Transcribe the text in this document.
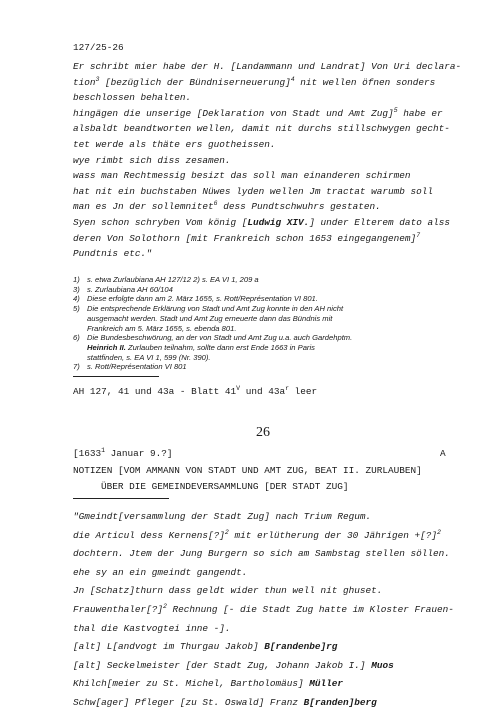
127/25-26
Er schribt mier habe der H. [Landammann und Landrat] Von Uri declara-
tion$^3$ [bezüglich der Bündniserneuerung]$^4$ nit wellen öfnen sonders
beschlossen behalten.
hingägen die unserige [Deklaration von Stadt und Amt Zug]$^5$ habe er
alsbaldt beandtworten wellen, damit nit durchs stillschwygen gecht-
tet werde als thäte ers guotheissen.
wye rimbt sich diss zesamen.
wass man Rechtmessig besizt das soll man einanderen schirmen
hat nit ein buchstaben Nüwes lyden wellen Jm tractat warumb soll
man es Jn der sollemnitet$^6$ dess Pundtschwuhrs gestaten.
Syen schon schryben Vom könig [Ludwig XIV.] under Elterem dato alss
deren Von Solothorn [mit Frankreich schon 1653 eingegangenem]$^7$
Pundtnis etc."
1) s. etwa Zurlaubiana AH 127/12 2) s. EA VI 1, 209 a
3) s. Zurlaubiana AH 60/104
4) Diese erfolgte dann am 2. März 1655, s. Rott/Représentation VI 801.
5) Die entsprechende Erklärung von Stadt und Amt Zug konnte in den AH nicht
ausgemacht werden. Stadt und Amt Zug erneuerte dann das Bündnis mit
Frankreich am 5. März 1655, s. ebenda 801.
6) Die Bundesbeschwörung, an der von Stadt und Amt Zug u.a. auch Gardehptm.
Heinrich II. Zurlauben teilnahm, sollte dann erst Ende 1663 in Paris
stattfinden, s. EA VI 1, 599 (Nr. 390).
7) s. Rott/Représentation VI 801
AH 127, 41 und 43a - Blatt $41^V$ und $43a^r$ leer
26
[1633$^1$ Januar 9.?]	A
NOTIZEN [VOM AMMANN VON STADT UND AMT ZUG, BEAT II. ZURLAUBEN]
ÜBER DIE GEMEINDEVERSAMMLUNG [DER STADT ZUG]
"Gmeindt[versammlung der Stadt Zug] nach Trium Regum.
die Articul dess Kernens[?]$^2$ mit erlütherung der 30 Jährigen +[?]$^2$
dochtern. Jtem der Jung Burgern so sich am Sambstag stellen söllen.
ehe sy an ein gmeindt gangendt.
Jn [Schatz]thurn dass geldt wider thun well nit ghuset.
Frauwenthaler[?]$^2$ Rechnung [- die Stadt Zug hatte im Kloster Frauen-
thal die Kastvogtei inne -].
[alt] L[andvogt im Thurgau Jakob] B[randenbe]rg
[alt] Seckelmeister [der Stadt Zug, Johann Jakob I.] Muos
Khilch[meier zu St. Michel, Bartholomäus] Müller
Schw[ager] Pfleger [zu St. Oswald] Franz B[randen]berg
